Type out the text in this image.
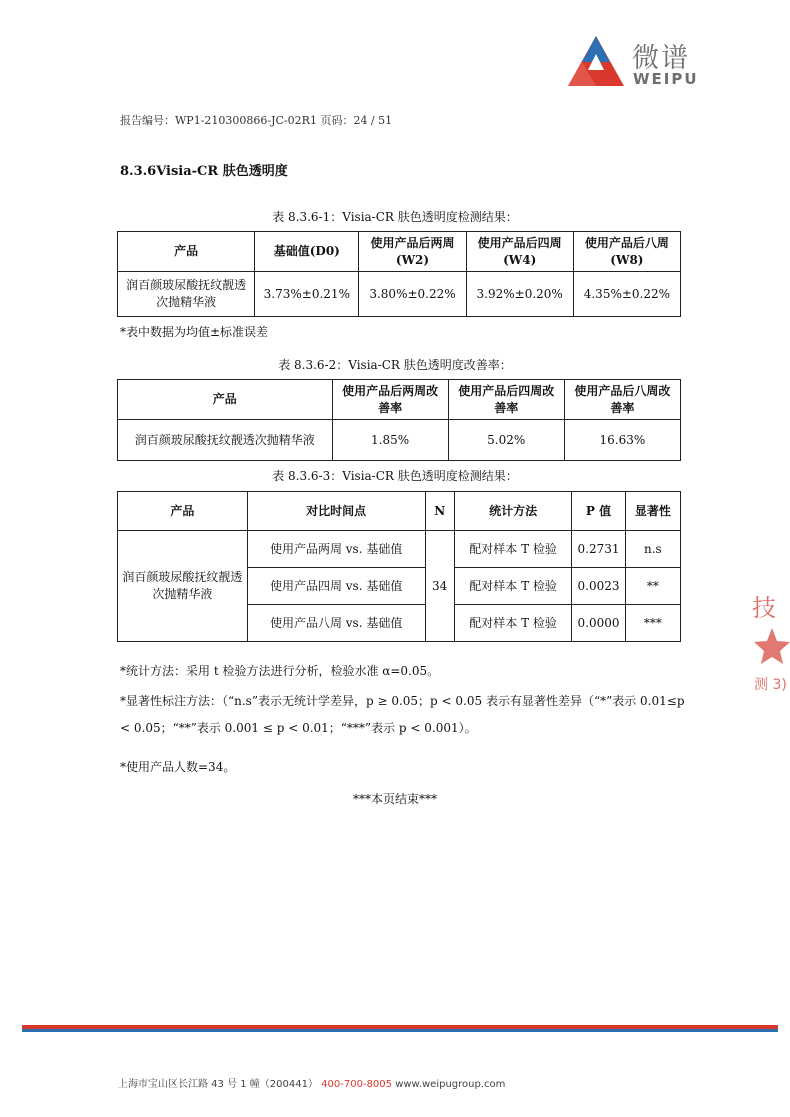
微谱
WEIPU
报告编号：WP1-210300866-JC-02R1 页码：24 / 51
8.3.6Visia-CR 肤色透明度
表 8.3.6-1：Visia-CR 肤色透明度检测结果：
产品	基础值(D0)	使用产品后两周(W2)	使用产品后四周(W4)	使用产品后八周(W8)
润百颜玻尿酸抚纹靓透次抛精华液	3.73%±0.21%	3.80%±0.22%	3.92%±0.20%	4.35%±0.22%
*表中数据为均值±标准误差
表 8.3.6-2：Visia-CR 肤色透明度改善率：
产品	使用产品后两周改善率	使用产品后四周改善率	使用产品后八周改善率
润百颜玻尿酸抚纹靓透次抛精华液	1.85%	5.02%	16.63%
表 8.3.6-3：Visia-CR 肤色透明度检测结果：
产品	对比时间点	N	统计方法	P 值	显著性
润百颜玻尿酸抚纹靓透次抛精华液	使用产品两周 vs. 基础值	34	配对样本 T 检验	0.2731	n.s
	使用产品四周 vs. 基础值		配对样本 T 检验	0.0023	**
	使用产品八周 vs. 基础值		配对样本 T 检验	0.0000	***
*统计方法：采用 t 检验方法进行分析，检验水准 α=0.05。
*显著性标注方法：（“n.s”表示无统计学差异，p ≥ 0.05；p < 0.05 表示有显著性差异（“*”表示 0.01≤p < 0.05；“**”表示 0.001 ≤ p < 0.01；“***”表示 p < 0.001）。
*使用产品人数=34。
***本页结束***
技
测 3)
上海市宝山区长江路 43 号 1 幢（200441） 400-700-8005 www.weipugroup.com
